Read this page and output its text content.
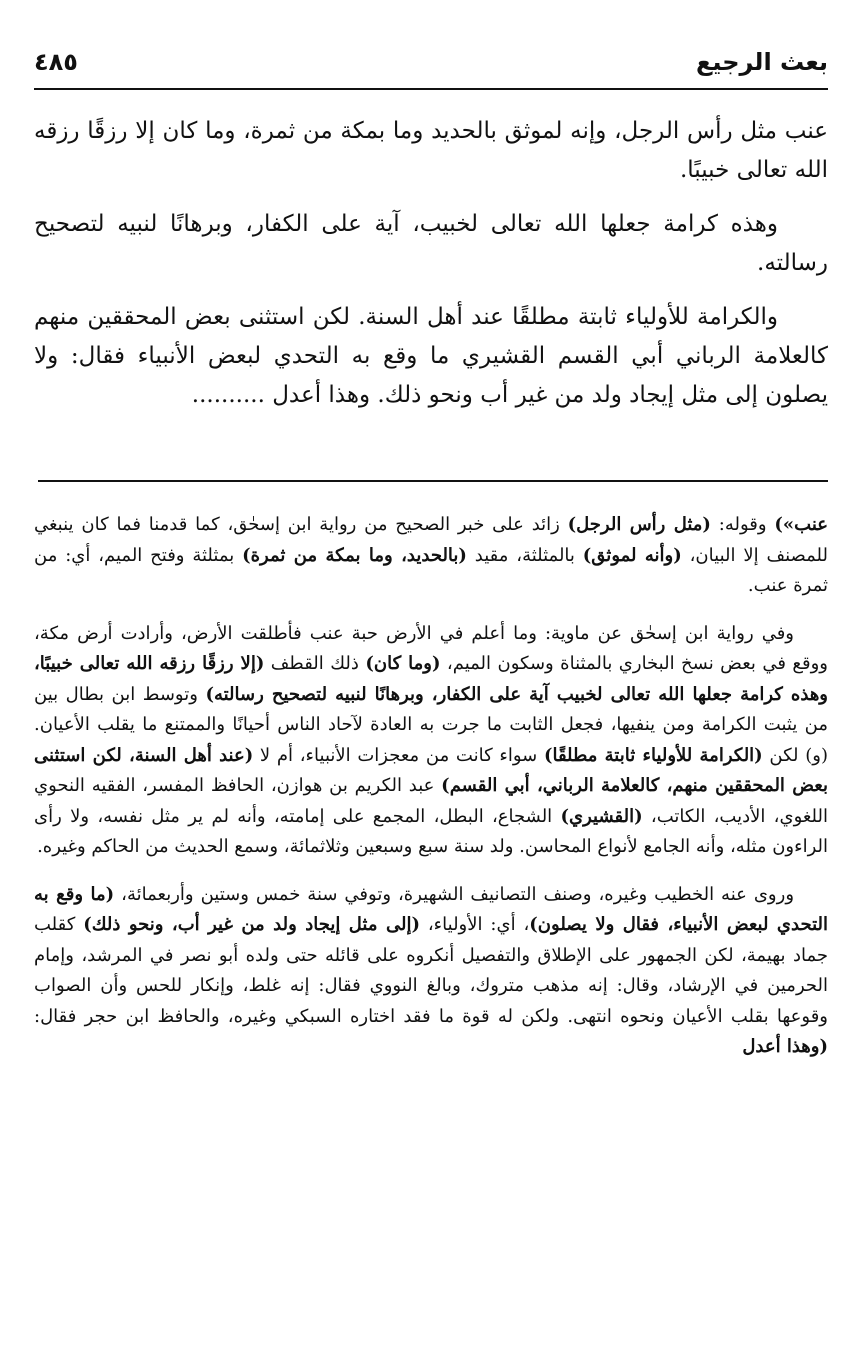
بعث الرجيع
٤٨٥

عنب مثل رأس الرجل، وإنه لموثق بالحديد وما بمكة من ثمرة، وما كان إلا رزقًا رزقه الله تعالى خبيبًا.

وهذه كرامة جعلها الله تعالى لخبيب، آية على الكفار، وبرهانًا لنبيه لتصحيح رسالته.

والكرامة للأولياء ثابتة مطلقًا عند أهل السنة. لكن استثنى بعض المحققين منهم كالعلامة الرباني أبي القسم القشيري ما وقع به التحدي لبعض الأنبياء فقال: ولا يصلون إلى مثل إيجاد ولد من غير أب ونحو ذلك. وهذا أعدل ..........

عنب») وقوله: (مثل رأس الرجل) زائد على خبر الصحيح من رواية ابن إسحٰق، كما قدمنا فما كان ينبغي للمصنف إلا البيان، (وأنه لموثق) بالمثلثة، مقيد (بالحديد، وما بمكة من ثمرة) بمثلثة وفتح الميم، أي: من ثمرة عنب.

وفي رواية ابن إسحٰق عن ماوية: وما أعلم في الأرض حبة عنب فأطلقت الأرض، وأرادت أرض مكة، ووقع في بعض نسخ البخاري بالمثناة وسكون الميم، (وما كان) ذلك القطف (إلا رزقًا رزقه الله تعالى خبيبًا، وهذه كرامة جعلها الله تعالى لخبيب آية على الكفار، وبرهانًا لنبيه لتصحيح رسالته) وتوسط ابن بطال بين من يثبت الكرامة ومن ينفيها، فجعل الثابت ما جرت به العادة لآحاد الناس أحيانًا والممتنع ما يقلب الأعيان. (و) لكن (الكرامة للأولياء ثابتة مطلقًا) سواء كانت من معجزات الأنبياء، أم لا (عند أهل السنة، لكن استثنى بعض المحققين منهم، كالعلامة الرباني، أبي القسم) عبد الكريم بن هوازن، الحافظ المفسر، الفقيه النحوي اللغوي، الأديب، الكاتب، (القشيري) الشجاع، البطل، المجمع على إمامته، وأنه لم ير مثل نفسه، ولا رأى الراءون مثله، وأنه الجامع لأنواع المحاسن. ولد سنة سبع وسبعين وثلاثمائة، وسمع الحديث من الحاكم وغيره.

وروى عنه الخطيب وغيره، وصنف التصانيف الشهيرة، وتوفي سنة خمس وستين وأربعمائة، (ما وقع به التحدي لبعض الأنبياء، فقال ولا يصلون)، أي: الأولياء، (إلى مثل إيجاد ولد من غير أب، ونحو ذلك) كقلب جماد بهيمة، لكن الجمهور على الإطلاق والتفصيل أنكروه على قائله حتى ولده أبو نصر في المرشد، وإمام الحرمين في الإرشاد، وقال: إنه مذهب متروك، وبالغ النووي فقال: إنه غلط، وإنكار للحس وأن الصواب وقوعها بقلب الأعيان ونحوه انتهى. ولكن له قوة ما فقد اختاره السبكي وغيره، والحافظ ابن حجر فقال: (وهذا أعدل
